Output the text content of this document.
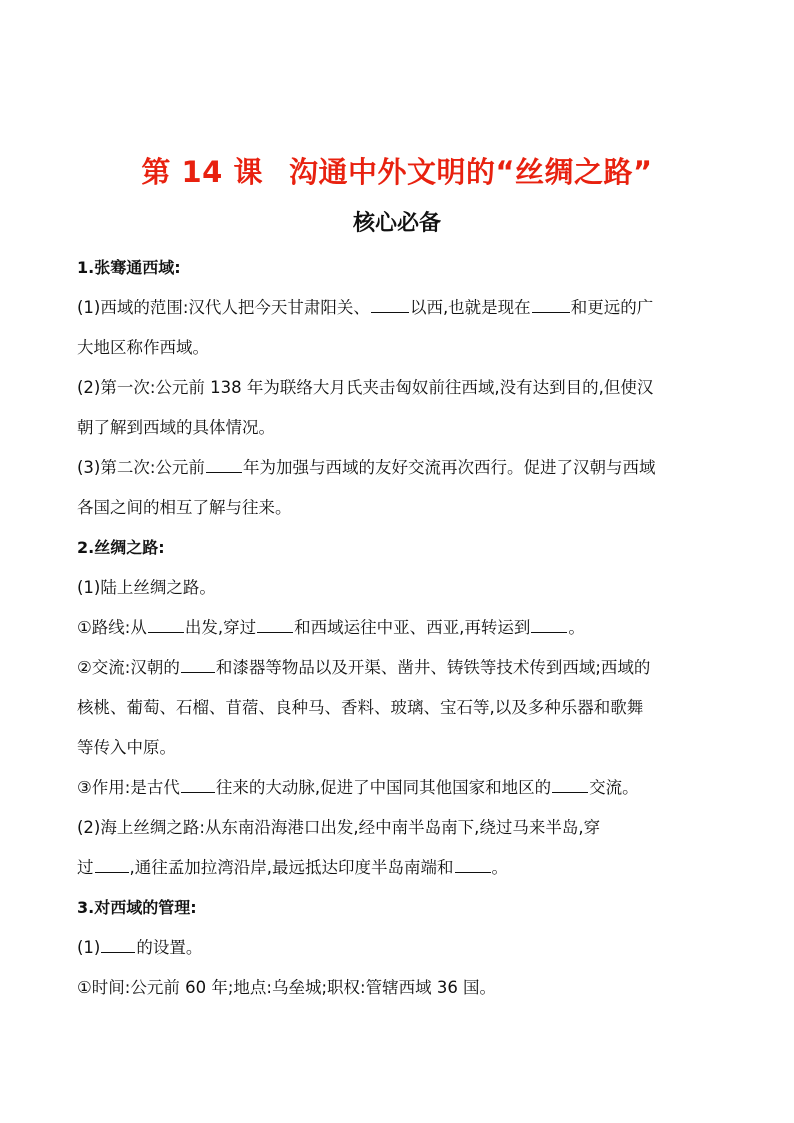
第 14 课 沟通中外文明的“丝绸之路”
核心必备
1.张骞通西域:
(1)西域的范围:汉代人把今天甘肃阳关、 以西,也就是现在 和更远的广
大地区称作西域。
(2)第一次:公元前 138 年为联络大月氏夹击匈奴前往西域,没有达到目的,但使汉
朝了解到西域的具体情况。
(3)第二次:公元前 年为加强与西域的友好交流再次西行。促进了汉朝与西域
各国之间的相互了解与往来。
2.丝绸之路:
(1)陆上丝绸之路。
①路线:从 出发,穿过 和西域运往中亚、西亚,再转运到 。
②交流:汉朝的 和漆器等物品以及开渠、凿井、铸铁等技术传到西域;西域的
核桃、葡萄、石榴、苜蓿、良种马、香料、玻璃、宝石等,以及多种乐器和歌舞
等传入中原。
③作用:是古代 往来的大动脉,促进了中国同其他国家和地区的 交流。
(2)海上丝绸之路:从东南沿海港口出发,经中南半岛南下,绕过马来半岛,穿
过 ,通往孟加拉湾沿岸,最远抵达印度半岛南端和 。
3.对西域的管理:
(1) 的设置。
①时间:公元前 60 年;地点:乌垒城;职权:管辖西域 36 国。
